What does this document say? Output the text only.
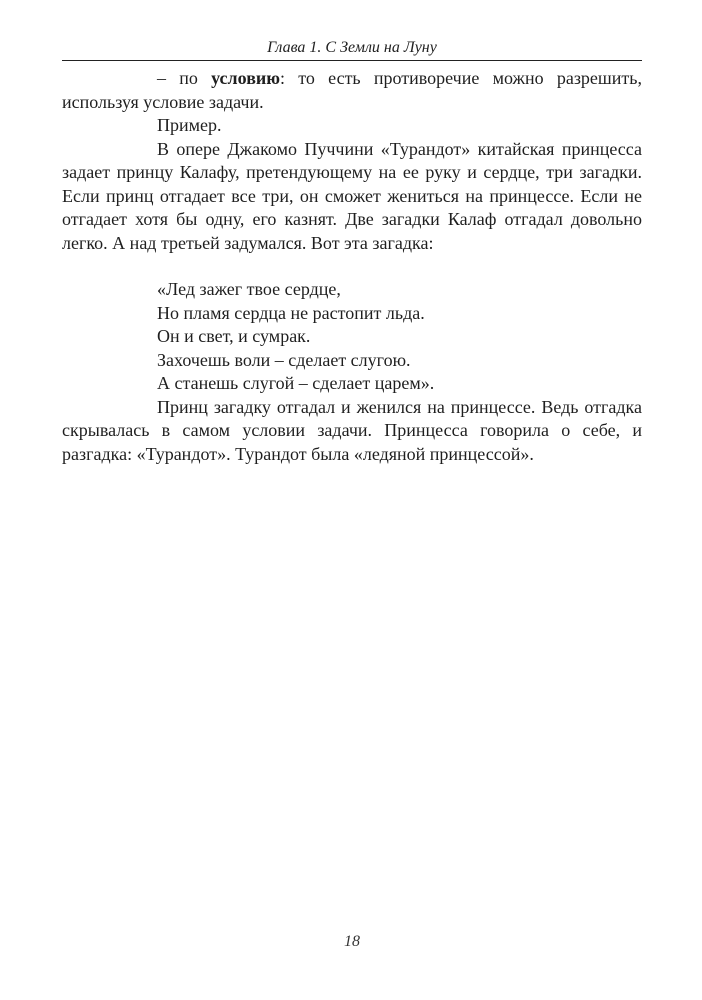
Глава 1. С Земли на Луну

– по условию: то есть противоречие можно разрешить, используя условие задачи.

Пример.

В опере Джакомо Пуччини «Турандот» китайская принцесса задает принцу Калафу, претендующему на ее руку и сердце, три загадки. Если принц отгадает все три, он сможет жениться на принцессе. Если не отгадает хотя бы одну, его казнят. Две загадки Калаф отгадал довольно легко. А над третьей задумался. Вот эта загадка:

«Лед зажег твое сердце,
Но пламя сердца не растопит льда.
Он и свет, и сумрак.
Захочешь воли – сделает слугою.
А станешь слугой – сделает царем».

Принц загадку отгадал и женился на принцессе. Ведь отгадка скрывалась в самом условии задачи. Принцесса говорила о себе, и разгадка: «Турандот». Турандот была «ледяной принцессой».

18
